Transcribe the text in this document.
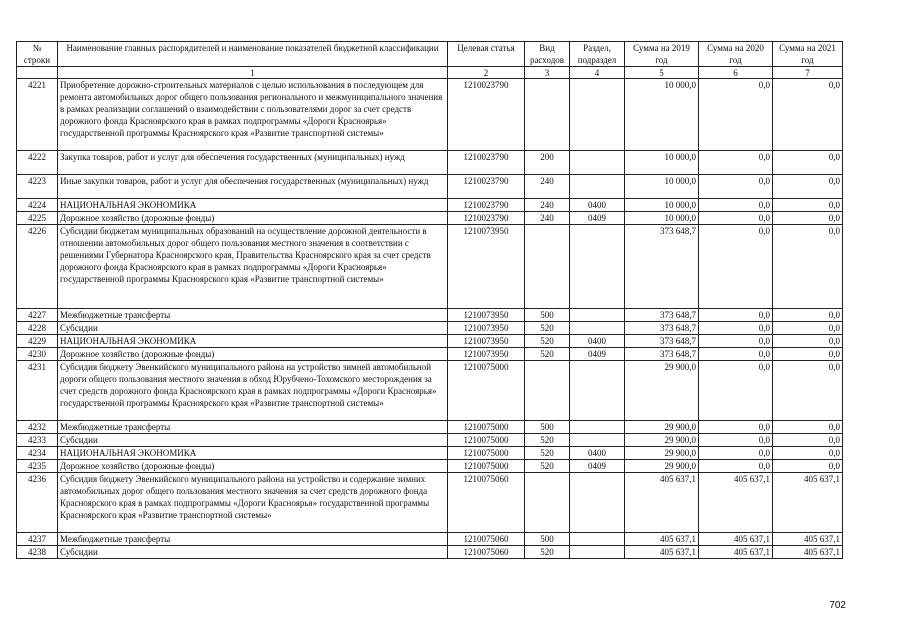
№ строки	Наименование главных распорядителей и наименование показателей бюджетной классификации	Целевая статья	Вид расходов	Раздел, подраздел	Сумма на 2019 год	Сумма на 2020 год	Сумма на 2021 год
	1	2	3	4	5	6	7
4221	Приобретение дорожно-строительных материалов с целью использования в последующем для ремонта автомобильных дорог общего пользования регионального и межмуниципального значения в рамках реализации соглашений о взаимодействии с пользователями дорог за счет средств дорожного фонда Красноярского края в рамках подпрограммы «Дороги Красноярья» государственной программы Красноярского края «Развитие транспортной системы»	1210023790			10 000,0	0,0	0,0
4222	Закупка товаров, работ и услуг для обеспечения государственных (муниципальных) нужд	1210023790	200		10 000,0	0,0	0,0
4223	Иные закупки товаров, работ и услуг для обеспечения государственных (муниципальных) нужд	1210023790	240		10 000,0	0,0	0,0
4224	НАЦИОНАЛЬНАЯ ЭКОНОМИКА	1210023790	240	0400	10 000,0	0,0	0,0
4225	Дорожное хозяйство (дорожные фонды)	1210023790	240	0409	10 000,0	0,0	0,0
4226	Субсидии бюджетам муниципальных образований на осуществление дорожной деятельности в отношении автомобильных дорог общего пользования местного значения в соответствии с решениями Губернатора Красноярского края, Правительства Красноярского края за счет средств дорожного фонда Красноярского края в рамках подпрограммы «Дороги Красноярья» государственной программы Красноярского края «Развитие транспортной системы»	1210073950			373 648,7	0,0	0,0
4227	Межбюджетные трансферты	1210073950	500		373 648,7	0,0	0,0
4228	Субсидии	1210073950	520		373 648,7	0,0	0,0
4229	НАЦИОНАЛЬНАЯ ЭКОНОМИКА	1210073950	520	0400	373 648,7	0,0	0,0
4230	Дорожное хозяйство (дорожные фонды)	1210073950	520	0409	373 648,7	0,0	0,0
4231	Субсидия бюджету Эвенкийского муниципального района на устройство зимней автомобильной дороги общего пользования местного значения в обход Юрубчено-Тохомского месторождения за счет средств дорожного фонда Красноярского края в рамках подпрограммы «Дороги Красноярья» государственной программы Красноярского края «Развитие транспортной системы»	1210075000			29 900,0	0,0	0,0
4232	Межбюджетные трансферты	1210075000	500		29 900,0	0,0	0,0
4233	Субсидии	1210075000	520		29 900,0	0,0	0,0
4234	НАЦИОНАЛЬНАЯ ЭКОНОМИКА	1210075000	520	0400	29 900,0	0,0	0,0
4235	Дорожное хозяйство (дорожные фонды)	1210075000	520	0409	29 900,0	0,0	0,0
4236	Субсидия бюджету Эвенкийского муниципального района на устройство и содержание зимних автомобильных дорог общего пользования местного значения за счет средств дорожного фонда Красноярского края в рамках подпрограммы «Дороги Красноярья» государственной программы Красноярского края «Развитие транспортной системы»	1210075060			405 637,1	405 637,1	405 637,1
4237	Межбюджетные трансферты	1210075060	500		405 637,1	405 637,1	405 637,1
4238	Субсидии	1210075060	520		405 637,1	405 637,1	405 637,1
702
